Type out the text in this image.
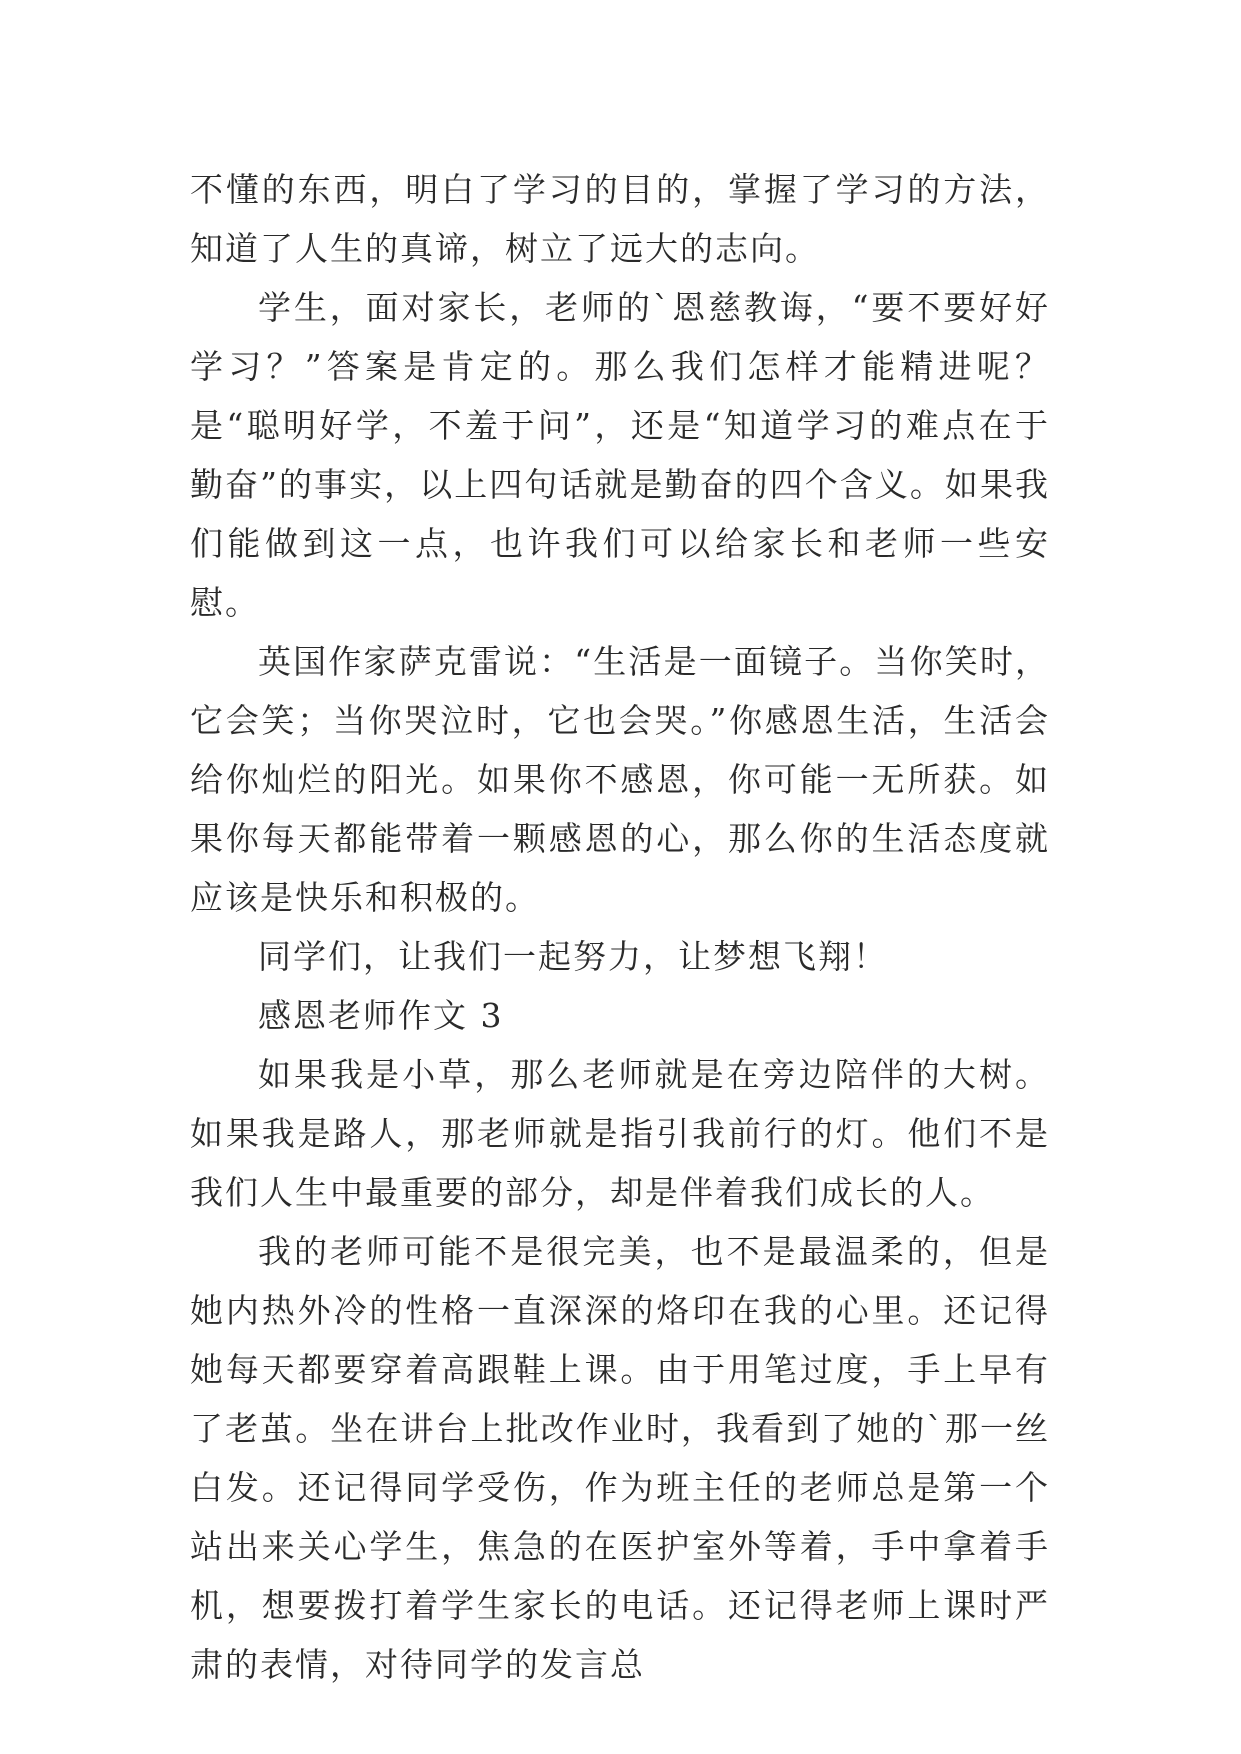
不懂的东西，明白了学习的目的，掌握了学习的方法，知道了人生的真谛，树立了远大的志向。

学生，面对家长，老师的`恩慈教诲，“要不要好好学习？”答案是肯定的。那么我们怎样才能精进呢？是“聪明好学，不羞于问”，还是“知道学习的难点在于勤奋”的事实，以上四句话就是勤奋的四个含义。如果我们能做到这一点，也许我们可以给家长和老师一些安慰。

英国作家萨克雷说：“生活是一面镜子。当你笑时，它会笑；当你哭泣时，它也会哭。”你感恩生活，生活会给你灿烂的阳光。如果你不感恩，你可能一无所获。如果你每天都能带着一颗感恩的心，那么你的生活态度就应该是快乐和积极的。

同学们，让我们一起努力，让梦想飞翔！

感恩老师作文 3

如果我是小草，那么老师就是在旁边陪伴的大树。如果我是路人，那老师就是指引我前行的灯。他们不是我们人生中最重要的部分，却是伴着我们成长的人。

我的老师可能不是很完美，也不是最温柔的，但是她内热外冷的性格一直深深的烙印在我的心里。还记得她每天都要穿着高跟鞋上课。由于用笔过度，手上早有了老茧。坐在讲台上批改作业时，我看到了她的`那一丝白发。还记得同学受伤，作为班主任的老师总是第一个站出来关心学生，焦急的在医护室外等着，手中拿着手机，想要拨打着学生家长的电话。还记得老师上课时严肃的表情，对待同学的发言总
